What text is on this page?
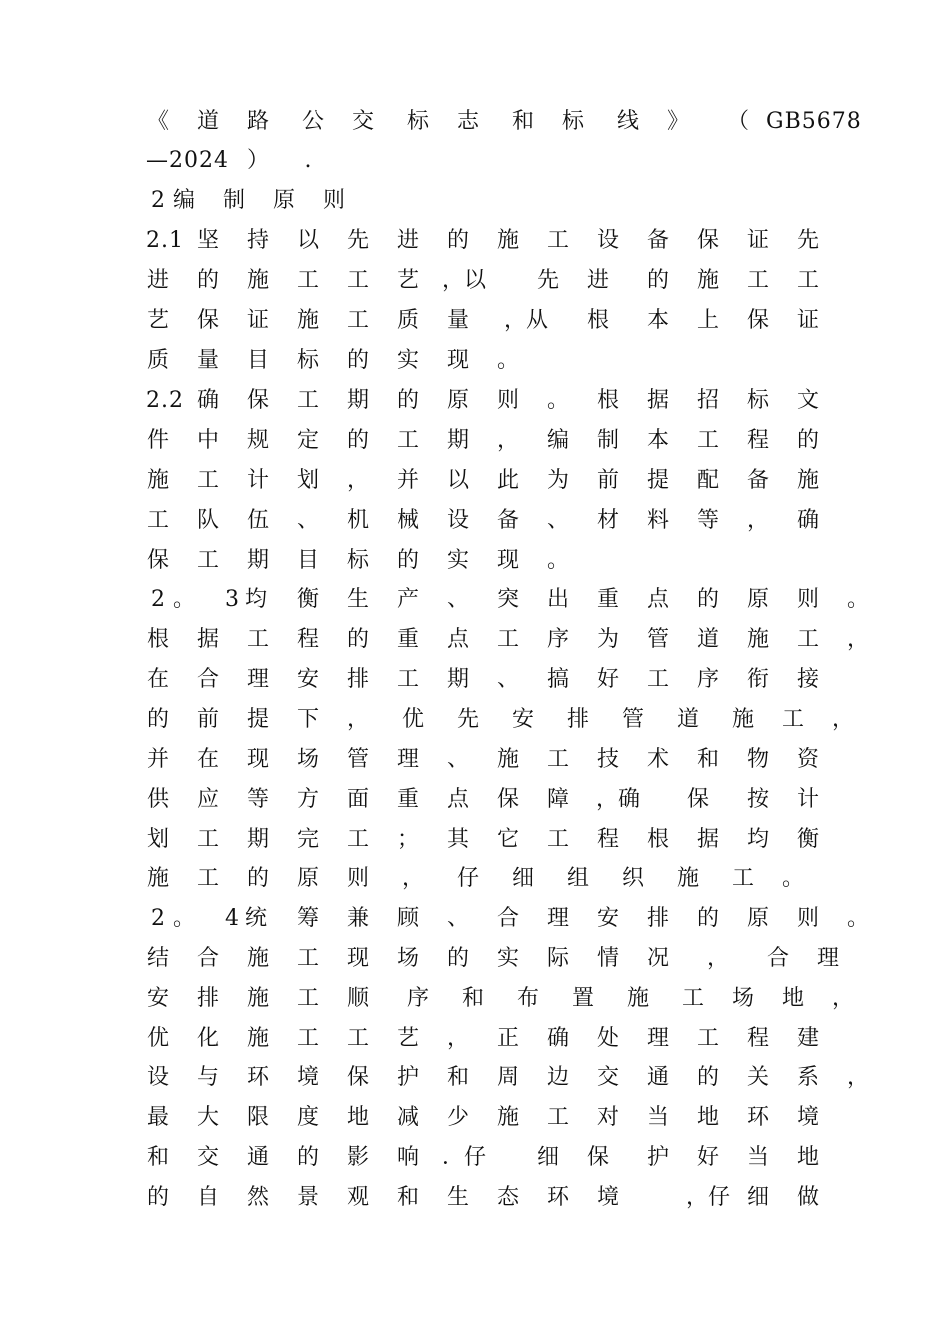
《 道 路 公 交 标 志 和 标 线 》 （ GB5678
—2024 ）	.
2 编 制 原 则
2.1 坚 持 以 先 进 的 施 工 设 备 保 证 先
进 的 施 工 工 艺 ，以 先 进 的 施 工 工
艺 保 证 施 工 质 量 ，从 根 本 上 保 证
质 量 目 标 的 实 现 。
2.2 确 保 工 期 的 原 则 。 根 据 招 标 文
件 中 规 定 的 工 期 ， 编 制 本 工 程 的
施 工 计 划 ， 并 以 此 为 前 提 配 备 施
工 队 伍 、 机 械 设 备 、 材 料 等 ， 确
保 工 期 目 标 的 实 现 。
2 。 3 均 衡 生 产 、 突 出 重 点 的 原 则 。
根 据 工 程 的 重 点 工 序 为 管 道 施 工 ，
在 合 理 安 排 工 期 、 搞 好 工 序 衔 接
的 前 提 下 ， 优 先 安 排 管 道 施 工 ，
并 在 现 场 管 理 、 施 工 技 术 和 物 资
供 应 等 方 面 重 点 保 障 ，确 保 按 计
划 工 期 完 工 ； 其 它 工 程 根 据 均 衡
施 工 的 原 则 ， 仔 细 组 织 施 工 。
2 。 4 统 筹 兼 顾 、 合 理 安 排 的 原 则 。
结 合 施 工 现 场 的 实 际 情 况 ， 合 理
安 排 施 工 顺 序 和 布 置 施 工 场 地 ，
优 化 施 工 工 艺 ， 正 确 处 理 工 程 建
设 与 环 境 保 护 和 周 边 交 通 的 关 系 ，
最 大 限 度 地 减 少 施 工 对 当 地 环 境
和 交 通 的 影 响 ．仔 细 保 护 好 当 地
的 自 然 景 观 和 生 态 环 境	，仔 细 做
